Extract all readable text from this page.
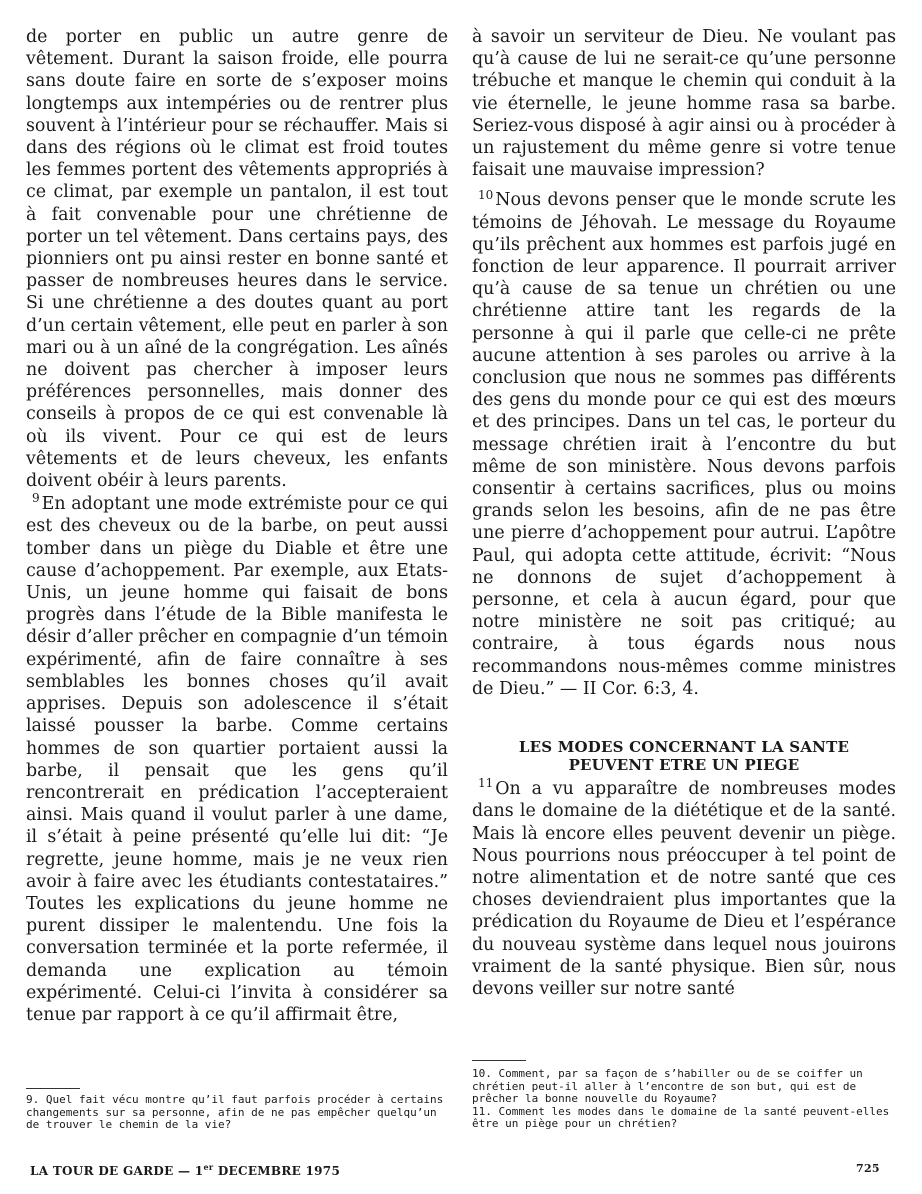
de porter en public un autre genre de vêtement. Durant la saison froide, elle pourra sans doute faire en sorte de s’exposer moins longtemps aux intempéries ou de rentrer plus souvent à l’intérieur pour se réchauffer. Mais si dans des régions où le climat est froid toutes les femmes portent des vêtements appropriés à ce climat, par exemple un pantalon, il est tout à fait convenable pour une chrétienne de porter un tel vêtement. Dans certains pays, des pionniers ont pu ainsi rester en bonne santé et passer de nombreuses heures dans le service. Si une chrétienne a des doutes quant au port d’un certain vêtement, elle peut en parler à son mari ou à un aîné de la congrégation. Les aînés ne doivent pas chercher à imposer leurs préférences personnelles, mais donner des conseils à propos de ce qui est convenable là où ils vivent. Pour ce qui est de leurs vêtements et de leurs cheveux, les enfants doivent obéir à leurs parents.

$^9$ En adoptant une mode extrémiste pour ce qui est des cheveux ou de la barbe, on peut aussi tomber dans un piège du Diable et être une cause d’achoppement. Par exemple, aux Etats-Unis, un jeune homme qui faisait de bons progrès dans l’étude de la Bible manifesta le désir d’aller prêcher en compagnie d’un témoin expérimenté, afin de faire connaître à ses semblables les bonnes choses qu’il avait apprises. Depuis son adolescence il s’était laissé pousser la barbe. Comme certains hommes de son quartier portaient aussi la barbe, il pensait que les gens qu’il rencontrerait en prédication l’accepteraient ainsi. Mais quand il voulut parler à une dame, il s’était à peine présenté qu’elle lui dit: “Je regrette, jeune homme, mais je ne veux rien avoir à faire avec les étudiants contestataires.” Toutes les explications du jeune homme ne purent dissiper le malentendu. Une fois la conversation terminée et la porte refermée, il demanda une explication au témoin expérimenté. Celui-ci l’invita à considérer sa tenue par rapport à ce qu’il affirmait être,

9. Quel fait vécu montre qu’il faut parfois procéder à certains changements sur sa personne, afin de ne pas empêcher quelqu’un de trouver le chemin de la vie?

à savoir un serviteur de Dieu. Ne voulant pas qu’à cause de lui ne serait-ce qu’une personne trébuche et manque le chemin qui conduit à la vie éternelle, le jeune homme rasa sa barbe. Seriez-vous disposé à agir ainsi ou à procéder à un rajustement du même genre si votre tenue faisait une mauvaise impression?

$^{10}$ Nous devons penser que le monde scrute les témoins de Jéhovah. Le message du Royaume qu’ils prêchent aux hommes est parfois jugé en fonction de leur apparence. Il pourrait arriver qu’à cause de sa tenue un chrétien ou une chrétienne attire tant les regards de la personne à qui il parle que celle-ci ne prête aucune attention à ses paroles ou arrive à la conclusion que nous ne sommes pas différents des gens du monde pour ce qui est des mœurs et des principes. Dans un tel cas, le porteur du message chrétien irait à l’encontre du but même de son ministère. Nous devons parfois consentir à certains sacrifices, plus ou moins grands selon les besoins, afin de ne pas être une pierre d’achoppement pour autrui. L’apôtre Paul, qui adopta cette attitude, écrivit: “Nous ne donnons de sujet d’achoppement à personne, et cela à aucun égard, pour que notre ministère ne soit pas critiqué; au contraire, à tous égards nous nous recommandons nous-mêmes comme ministres de Dieu.” — II Cor. 6:3, 4.

LES MODES CONCERNANT LA SANTE PEUVENT ETRE UN PIEGE

$^{11}$ On a vu apparaître de nombreuses modes dans le domaine de la diététique et de la santé. Mais là encore elles peuvent devenir un piège. Nous pourrions nous préoccuper à tel point de notre alimentation et de notre santé que ces choses deviendraient plus importantes que la prédication du Royaume de Dieu et l’espérance du nouveau système dans lequel nous jouirons vraiment de la santé physique. Bien sûr, nous devons veiller sur notre santé

10. Comment, par sa façon de s’habiller ou de se coiffer un chrétien peut-il aller à l’encontre de son but, qui est de prêcher la bonne nouvelle du Royaume?

11. Comment les modes dans le domaine de la santé peuvent-elles être un piège pour un chrétien?

LA TOUR DE GARDE — 1er DECEMBRE 1975	725
